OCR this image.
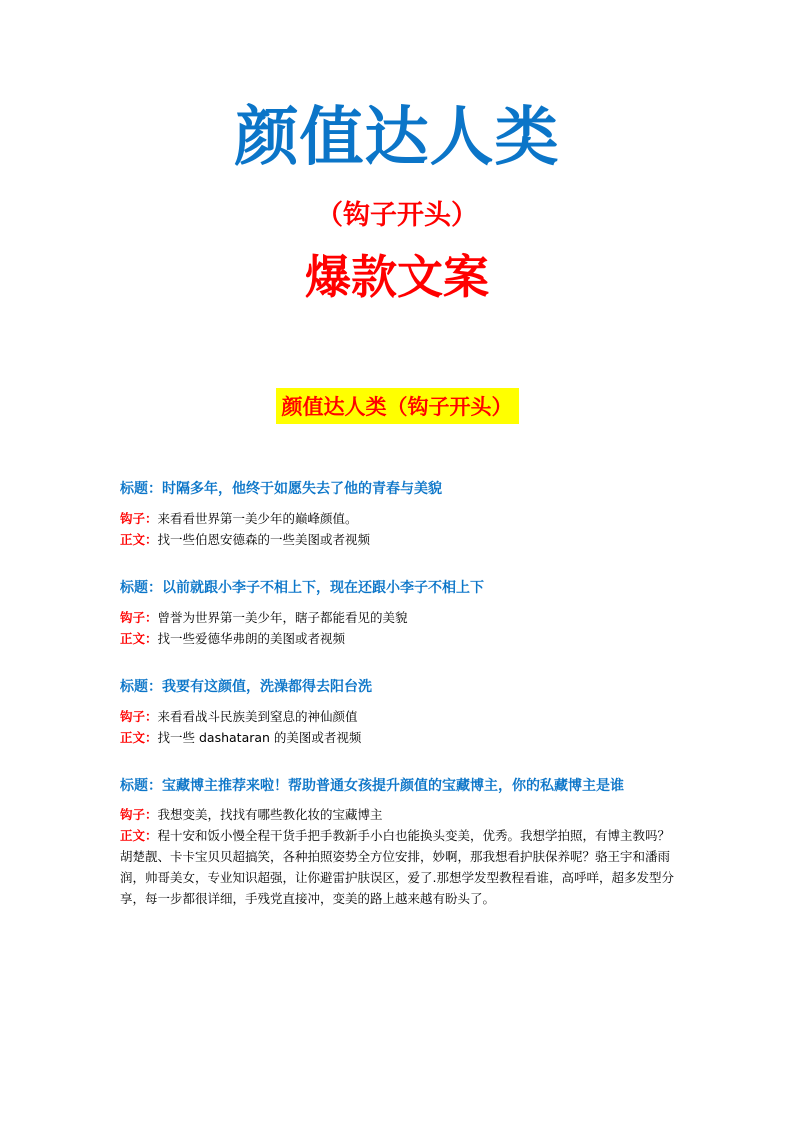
颜值达人类
（钩子开头）
爆款文案
颜值达人类（钩子开头）
标题：时隔多年，他终于如愿失去了他的青春与美貌
钩子：来看看世界第一美少年的巅峰颜值。
正文：找一些伯恩安德森的一些美图或者视频
标题：以前就跟小李子不相上下，现在还跟小李子不相上下
钩子：曾誉为世界第一美少年，瞎子都能看见的美貌
正文：找一些爱德华弗朗的美图或者视频
标题：我要有这颜值，洗澡都得去阳台洗
钩子：来看看战斗民族美到窒息的神仙颜值
正文：找一些 dashataran 的美图或者视频
标题：宝藏博主推荐来啦！帮助普通女孩提升颜值的宝藏博主，你的私藏博主是谁
钩子：我想变美，找找有哪些教化妆的宝藏博主
正文：程十安和饭小慢全程干货手把手教新手小白也能换头变美，优秀。我想学拍照，有博主教吗？胡楚靓、卡卡宝贝贝超搞笑，各种拍照姿势全方位安排，妙啊，那我想看护肤保养呢？骆王宇和潘雨润，帅哥美女，专业知识超强，让你避雷护肤误区，爱了.那想学发型教程看谁，高呼咩，超多发型分享，每一步都很详细，手残党直接冲，变美的路上越来越有盼头了。
